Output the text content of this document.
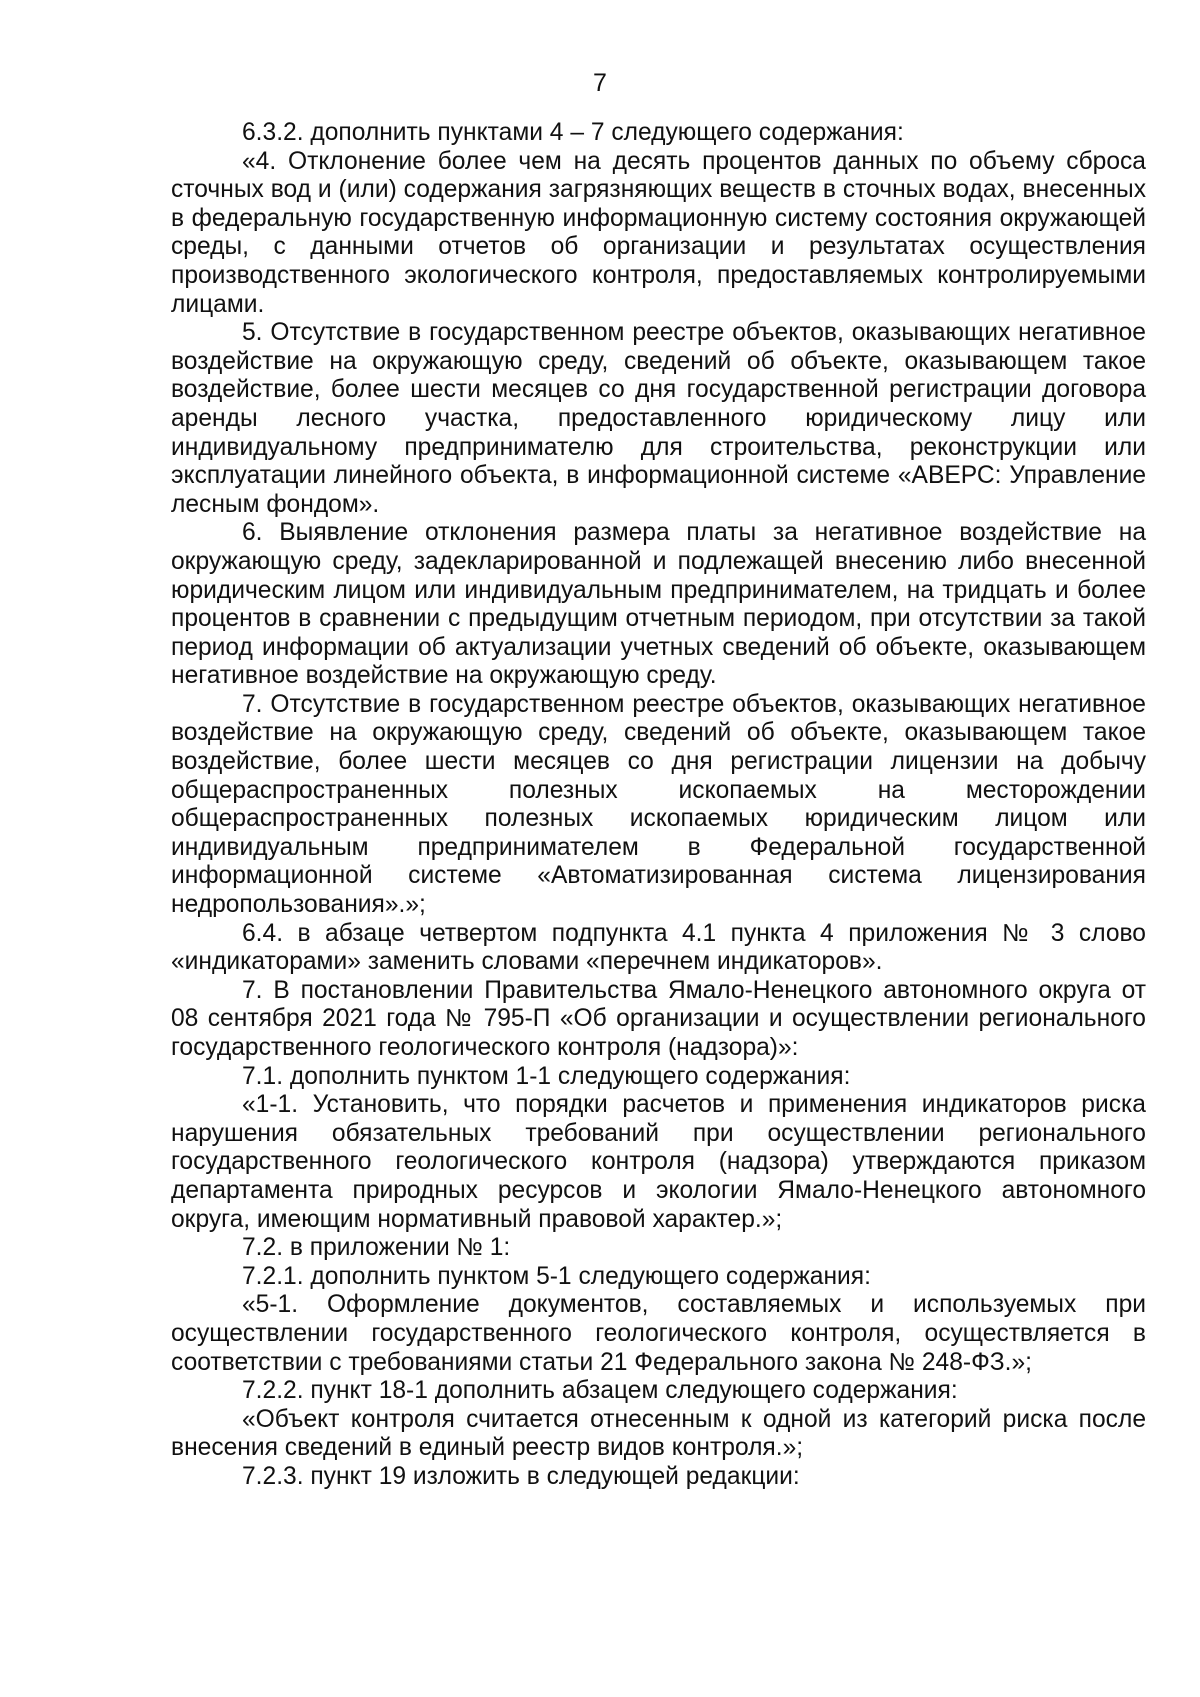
7

6.3.2. дополнить пунктами 4 – 7 следующего содержания:

«4. Отклонение более чем на десять процентов данных по объему сброса сточных вод и (или) содержания загрязняющих веществ в сточных водах, внесенных в федеральную государственную информационную систему состояния окружающей среды, с данными отчетов об организации и результатах осуществления производственного экологического контроля, предоставляемых контролируемыми лицами.

5. Отсутствие в государственном реестре объектов, оказывающих негативное воздействие на окружающую среду, сведений об объекте, оказывающем такое воздействие, более шести месяцев со дня государственной регистрации договора аренды лесного участка, предоставленного юридическому лицу или индивидуальному предпринимателю для строительства, реконструкции или эксплуатации линейного объекта, в информационной системе «АВЕРС: Управление лесным фондом».

6. Выявление отклонения размера платы за негативное воздействие на окружающую среду, задекларированной и подлежащей внесению либо внесенной юридическим лицом или индивидуальным предпринимателем, на тридцать и более процентов в сравнении с предыдущим отчетным периодом, при отсутствии за такой период информации об актуализации учетных сведений об объекте, оказывающем негативное воздействие на окружающую среду.

7. Отсутствие в государственном реестре объектов, оказывающих негативное воздействие на окружающую среду, сведений об объекте, оказывающем такое воздействие, более шести месяцев со дня регистрации лицензии на добычу общераспространенных полезных ископаемых на месторождении общераспространенных полезных ископаемых юридическим лицом или индивидуальным предпринимателем в Федеральной государственной информационной системе «Автоматизированная система лицензирования недропользования».»;

6.4. в абзаце четвертом подпункта 4.1 пункта 4 приложения № 3 слово «индикаторами» заменить словами «перечнем индикаторов».

7. В постановлении Правительства Ямало-Ненецкого автономного округа от 08 сентября 2021 года № 795-П «Об организации и осуществлении регионального государственного геологического контроля (надзора)»:

7.1. дополнить пунктом 1-1 следующего содержания:

«1-1. Установить, что порядки расчетов и применения индикаторов риска нарушения обязательных требований при осуществлении регионального государственного геологического контроля (надзора) утверждаются приказом департамента природных ресурсов и экологии Ямало-Ненецкого автономного округа, имеющим нормативный правовой характер.»;

7.2. в приложении № 1:

7.2.1. дополнить пунктом 5-1 следующего содержания:

«5-1. Оформление документов, составляемых и используемых при осуществлении государственного геологического контроля, осуществляется в соответствии с требованиями статьи 21 Федерального закона № 248-ФЗ.»;

7.2.2. пункт 18-1 дополнить абзацем следующего содержания:

«Объект контроля считается отнесенным к одной из категорий риска после внесения сведений в единый реестр видов контроля.»;

7.2.3. пункт 19 изложить в следующей редакции:
